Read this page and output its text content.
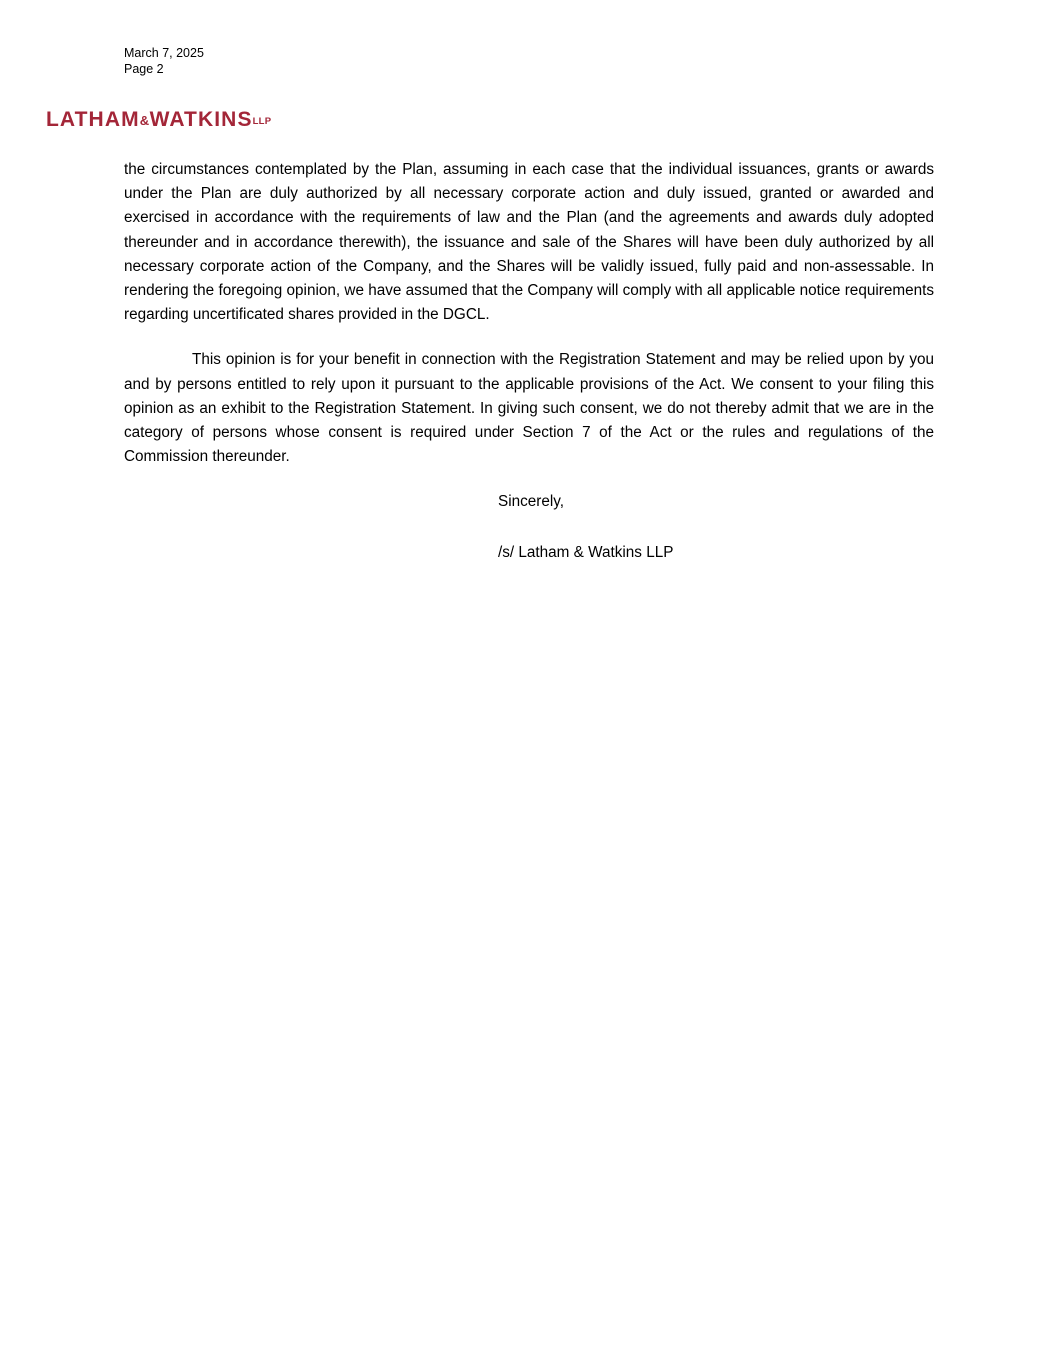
March 7, 2025
Page 2
LATHAM&WATKINSLLP

the circumstances contemplated by the Plan, assuming in each case that the individual issuances, grants or awards under the Plan are duly authorized by all necessary corporate action and duly issued, granted or awarded and exercised in accordance with the requirements of law and the Plan (and the agreements and awards duly adopted thereunder and in accordance therewith), the issuance and sale of the Shares will have been duly authorized by all necessary corporate action of the Company, and the Shares will be validly issued, fully paid and non-assessable. In rendering the foregoing opinion, we have assumed that the Company will comply with all applicable notice requirements regarding uncertificated shares provided in the DGCL.

This opinion is for your benefit in connection with the Registration Statement and may be relied upon by you and by persons entitled to rely upon it pursuant to the applicable provisions of the Act. We consent to your filing this opinion as an exhibit to the Registration Statement. In giving such consent, we do not thereby admit that we are in the category of persons whose consent is required under Section 7 of the Act or the rules and regulations of the Commission thereunder.

Sincerely,

/s/ Latham & Watkins LLP
